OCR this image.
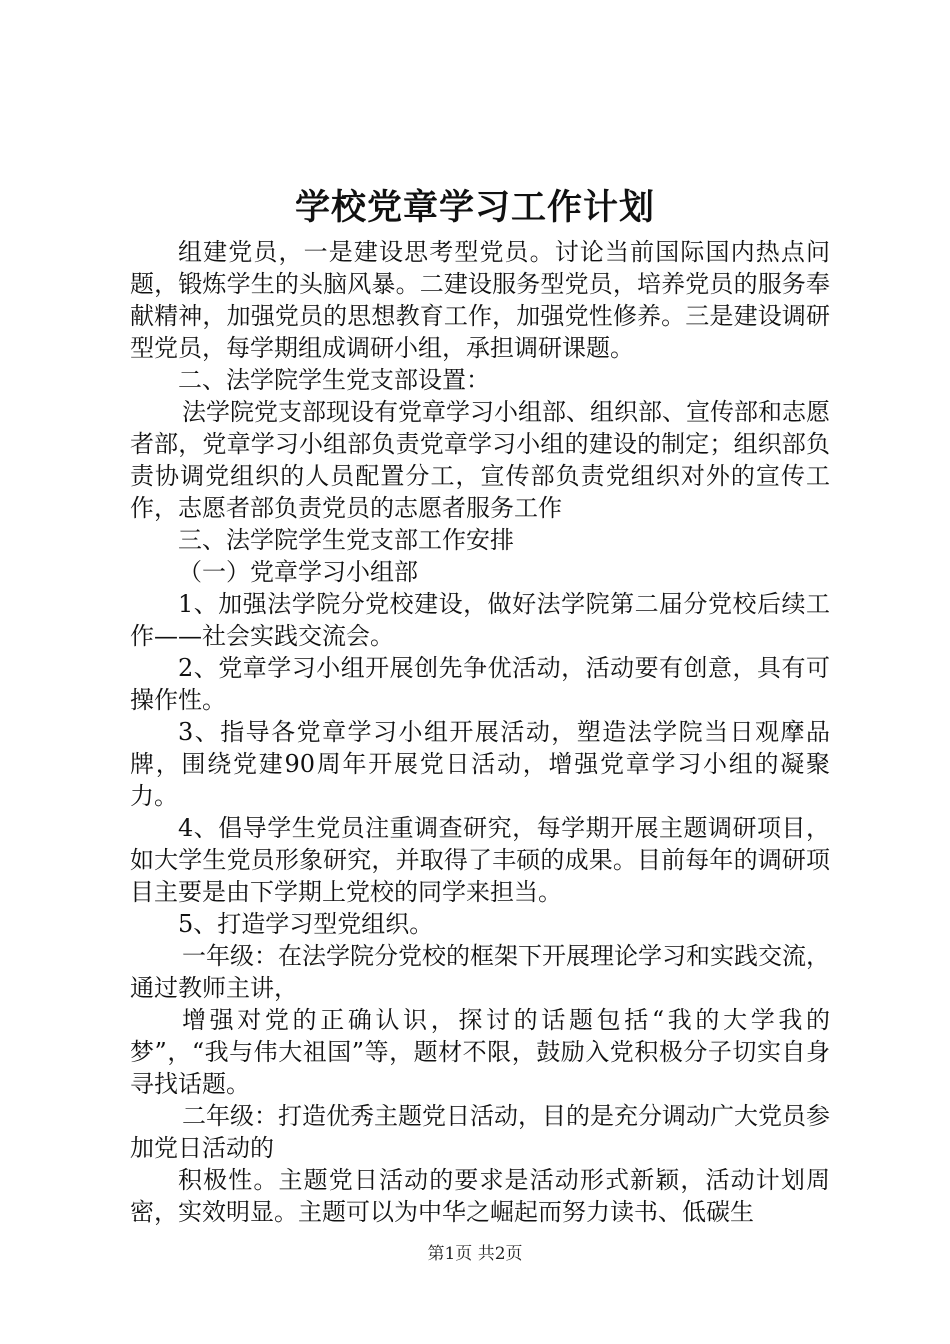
学校党章学习工作计划

组建党员，一是建设思考型党员。讨论当前国际国内热点问题，锻炼学生的头脑风暴。二建设服务型党员，培养党员的服务奉献精神，加强党员的思想教育工作，加强党性修养。三是建设调研型党员，每学期组成调研小组，承担调研课题。

二、法学院学生党支部设置：

法学院党支部现设有党章学习小组部、组织部、宣传部和志愿者部，党章学习小组部负责党章学习小组的建设的制定；组织部负责协调党组织的人员配置分工，宣传部负责党组织对外的宣传工作，志愿者部负责党员的志愿者服务工作

三、法学院学生党支部工作安排

（一）党章学习小组部

1、加强法学院分党校建设，做好法学院第二届分党校后续工作——社会实践交流会。

2、党章学习小组开展创先争优活动，活动要有创意，具有可操作性。

3、指导各党章学习小组开展活动，塑造法学院当日观摩品牌，围绕党建90周年开展党日活动，增强党章学习小组的凝聚力。

4、倡导学生党员注重调查研究，每学期开展主题调研项目，如大学生党员形象研究，并取得了丰硕的成果。目前每年的调研项目主要是由下学期上党校的同学来担当。

5、打造学习型党组织。

一年级：在法学院分党校的框架下开展理论学习和实践交流，通过教师主讲，

增强对党的正确认识，探讨的话题包括“我的大学我的梦”，“我与伟大祖国”等，题材不限，鼓励入党积极分子切实自身寻找话题。

二年级：打造优秀主题党日活动，目的是充分调动广大党员参加党日活动的

积极性。主题党日活动的要求是活动形式新颖，活动计划周密，实效明显。主题可以为中华之崛起而努力读书、低碳生

第1页 共2页
